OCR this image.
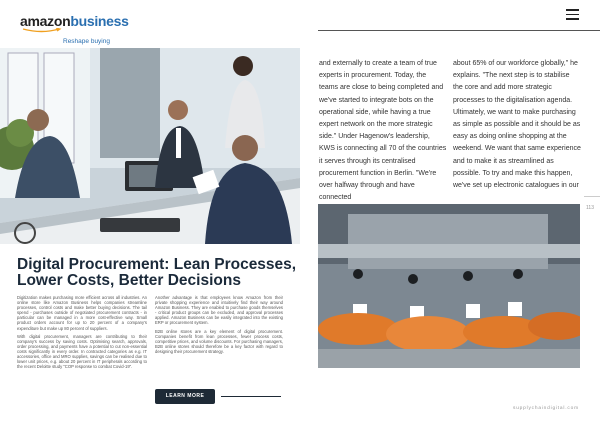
amazonbusiness
Reshape buying
Digital Procurement: Lean Processes, Lower Costs, Better Decisions

Digitization makes purchasing more efficient across all industries. An online store like Amazon Business helps companies streamline processes, control costs and make better buying decisions. The tail spend - purchases outside of negotiated procurement contracts - in particular can be managed in a more cost-effective way. Small product orders account for up to 20 percent of a company's expenditure but make up 80 percent of suppliers.

With digital procurement, managers are contributing to their company's success by saving costs. Optimising search, approvals, order processing, and payments have a potential to cut non-essential costs significantly in every order. In contracted categories as e.g. IT accessories, office and MRO supplies, savings can be realised due to lower unit prices, e.g. about 20 percent in IT peripherals according to the recent Deloitte study "COP response to combat Covid-19".

Another advantage is that employees know Amazon from their private shopping experience and intuitively find their way around Amazon Business. They are enabled to purchase goods themselves - critical product groups can be excluded, and approval processes applied. Amazon Business can be easily integrated into the existing ERP or procurement system.

B2B online stores are a key element of digital procurement. Companies benefit from lean processes, fewer process costs, competitive prices, and volume discounts. For purchasing managers, B2B online stores should therefore be a key factor with regard to designing their procurement strategy.

LEARN MORE

and externally to create a team of true experts in procurement. Today, the teams are close to being completed and we've started to integrate bots on the operational side, while having a true expert network on the more strategic side." Under Hagenow's leadership, KWS is connecting all 70 of the countries it serves through its centralised procurement function in Berlin. "We're over halfway through and have connected

about 65% of our workforce globally," he explains. "The next step is to stabilise the core and add more strategic processes to the digitalisation agenda. Ultimately, we want to make purchasing as simple as possible and it should be as easy as doing online shopping at the weekend. We want that same experience and to make it as streamlined as possible. To try and make this happen, we've set up electronic catalogues in our

113
supplychaindigital.com
